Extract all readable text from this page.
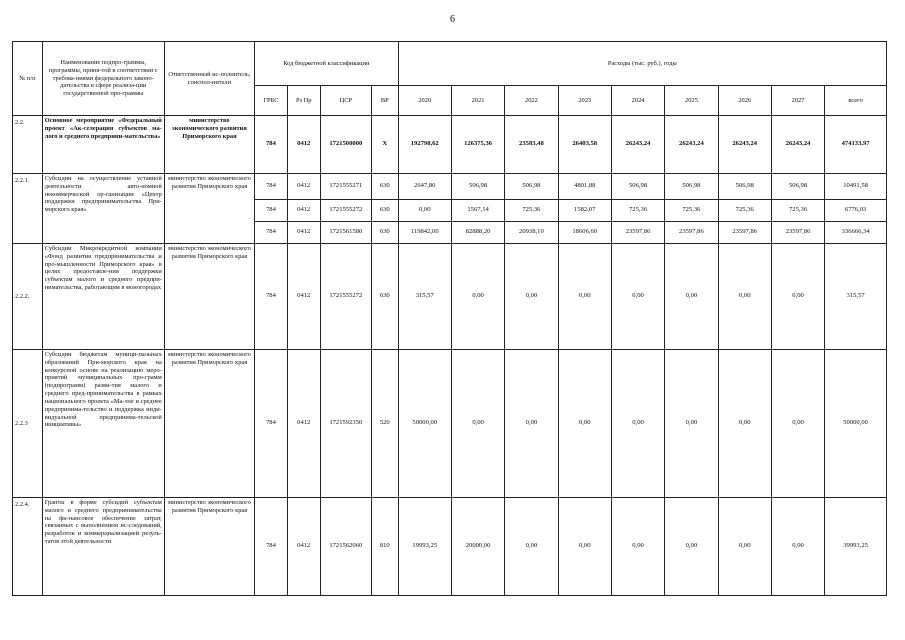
6
№ п/п	Наименование подпро-граммы, программы, приня-той в соответствии с требова-ниями федерального законо-дательства в сфере реализа-ции государственной про-граммы	Ответственный ис-полнитель, соиспол-нители	Код бюджетной классификации				Расходы (тыс. руб.), годы								
			ГРБС	Рз Пр	ЦСР	ВР	2020	2021	2022	2023	2024	2025	2026	2027	всего
2.2.	Основное мероприятие «Федеральный проект «Ак-селерация субъектов ма-лого и среднего предприни-мательства»	министерство экономического развития Приморского края	784	0412	1721500000	Х	192798,62	126375,36	23583,48	26403,58	26243,24	26243,24	26243,24	26243,24	474133,97
2.2.1.	Субсидии на осуществление уставной деятельности авто-номной некоммерческой ор-ганизации «Центр поддержки предпринимательства При-морского края»	министерство экономического развития Приморского края	784	0412	1721555271	630	2647,80	506,98	506,98	4801,88	506,98	506,98	506,98	506,98	10491,58
			784	0412	1721555272	630	0,00	1567,14	725,36	1582,07	725,36	725,36	725,36	725,36	6776,03
			784	0412	1721561580	630	119842,00	82888,20	20938,10	18606,60	23597,86	23597,86	23597,86	23597,86	336666,34
2.2.2.	Субсидии Микрокредитной компании «Фонд развития предпринимательства и про-мышленности Приморского края» в целях предоставле-ния поддержки субъектам малого и среднего предпри-нимательства, работающим в моногородах	министерство экономического развития Приморского края	784	0412	1721555272	630	315,57	0,00	0,00	0,00	0,00	0,00	0,00	0,00	315,57
2.2.3	Субсидии бюджетам муници-пальных образований При-морского края на конкурсной основе на реализацию меро-приятий муниципальных про-грамм (подпрограмм) разви-тия малого и среднего пред-принимательства в рамках национального проекта «Ма-лое и среднее предпринима-тельство и поддержка инди-видуальной предпринима-тельской инициативы»	министерство экономического развития Приморского края	784	0412	1721592350	520	50000,00	0,00	0,00	0,00	0,00	0,00	0,00	0,00	50000,00
2.2.4.	Гранты в форме субсидий субъектам малого и среднего предпринимательства на фи-нансовое обеспечение затрат, связанных с выполнением ис-следований, разработок и коммерциализацией резуль-татов этой деятельности	министерство экономического развития Приморского края	784	0412	1721562060	810	19993,25	20000,00	0,00	0,00	0,00	0,00	0,00	0,00	39993,25
